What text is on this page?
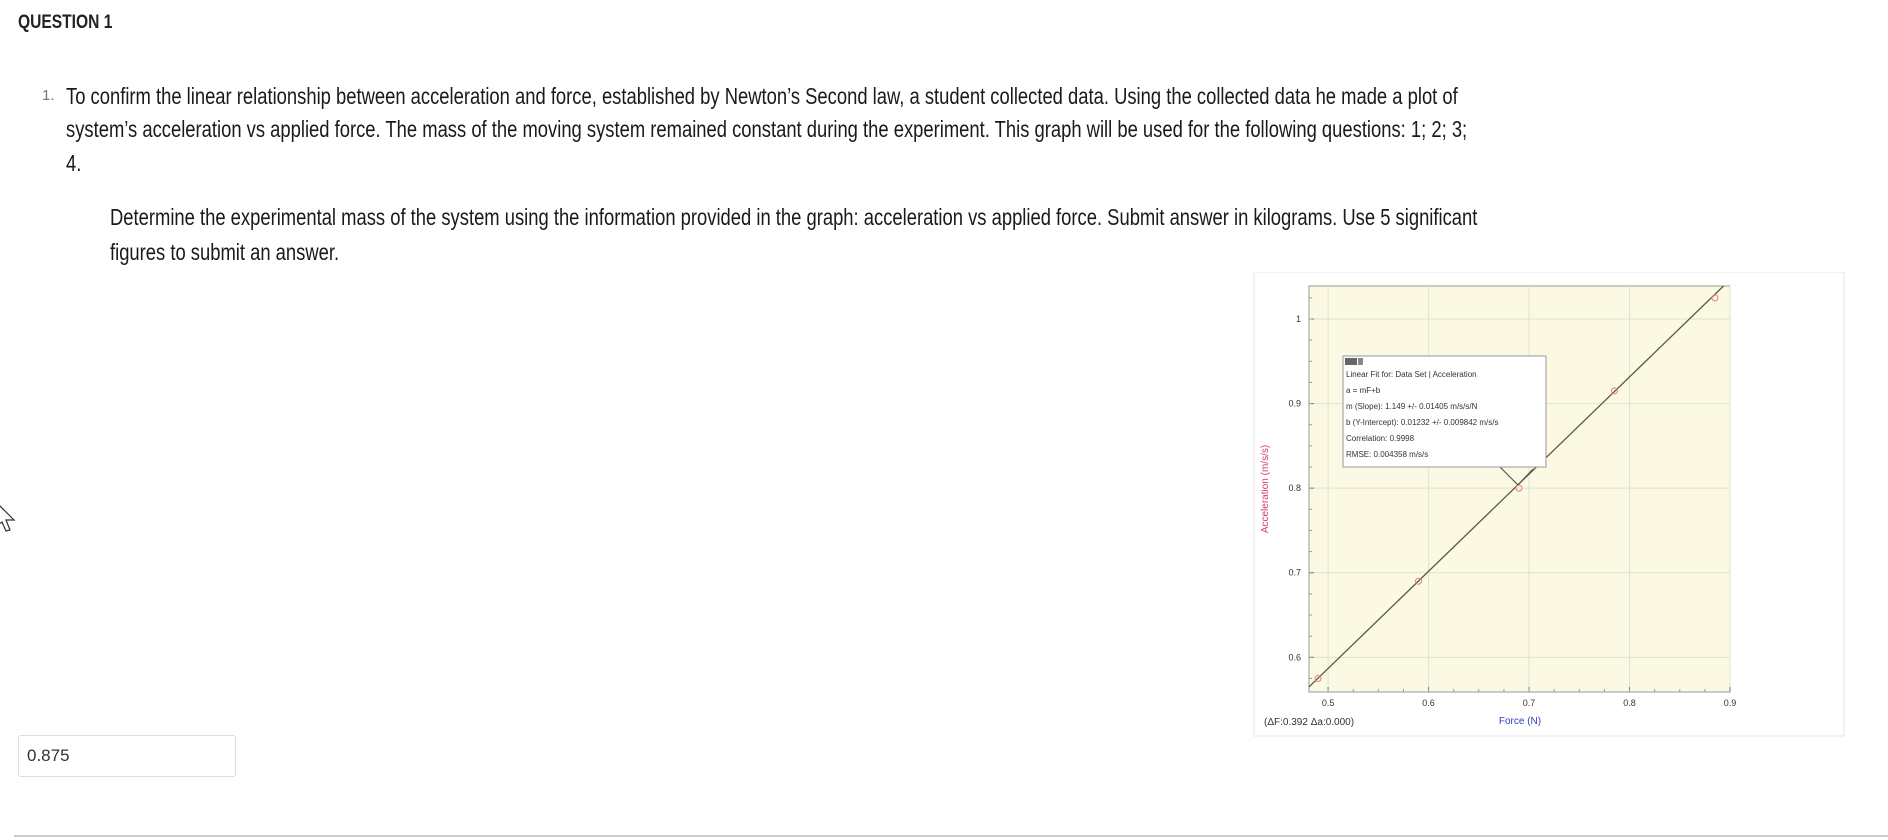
QUESTION 1
1. To confirm the linear relationship between acceleration and force, established by Newton’s Second law, a student collected data. Using the collected data he made a plot of
system’s acceleration vs applied force. The mass of the moving system remained constant during the experiment. This graph will be used for the following questions: 1; 2; 3;
4.
Determine the experimental mass of the system using the information provided in the graph: acceleration vs applied force. Submit answer in kilograms. Use 5 significant
figures to submit an answer.
0.5	0.6	0.7	0.8	0.9
0.6
0.7
0.8
0.9
1
Acceleration (m/s/s)
Force (N)
(ΔF:0.392 Δa:0.000)
Linear Fit for: Data Set | Acceleration
a = mF+b
m (Slope): 1.149 +/- 0.01405 m/s/s/N
b (Y-Intercept): 0.01232 +/- 0.009842 m/s/s
Correlation: 0.9998
RMSE: 0.004358 m/s/s
0.875
